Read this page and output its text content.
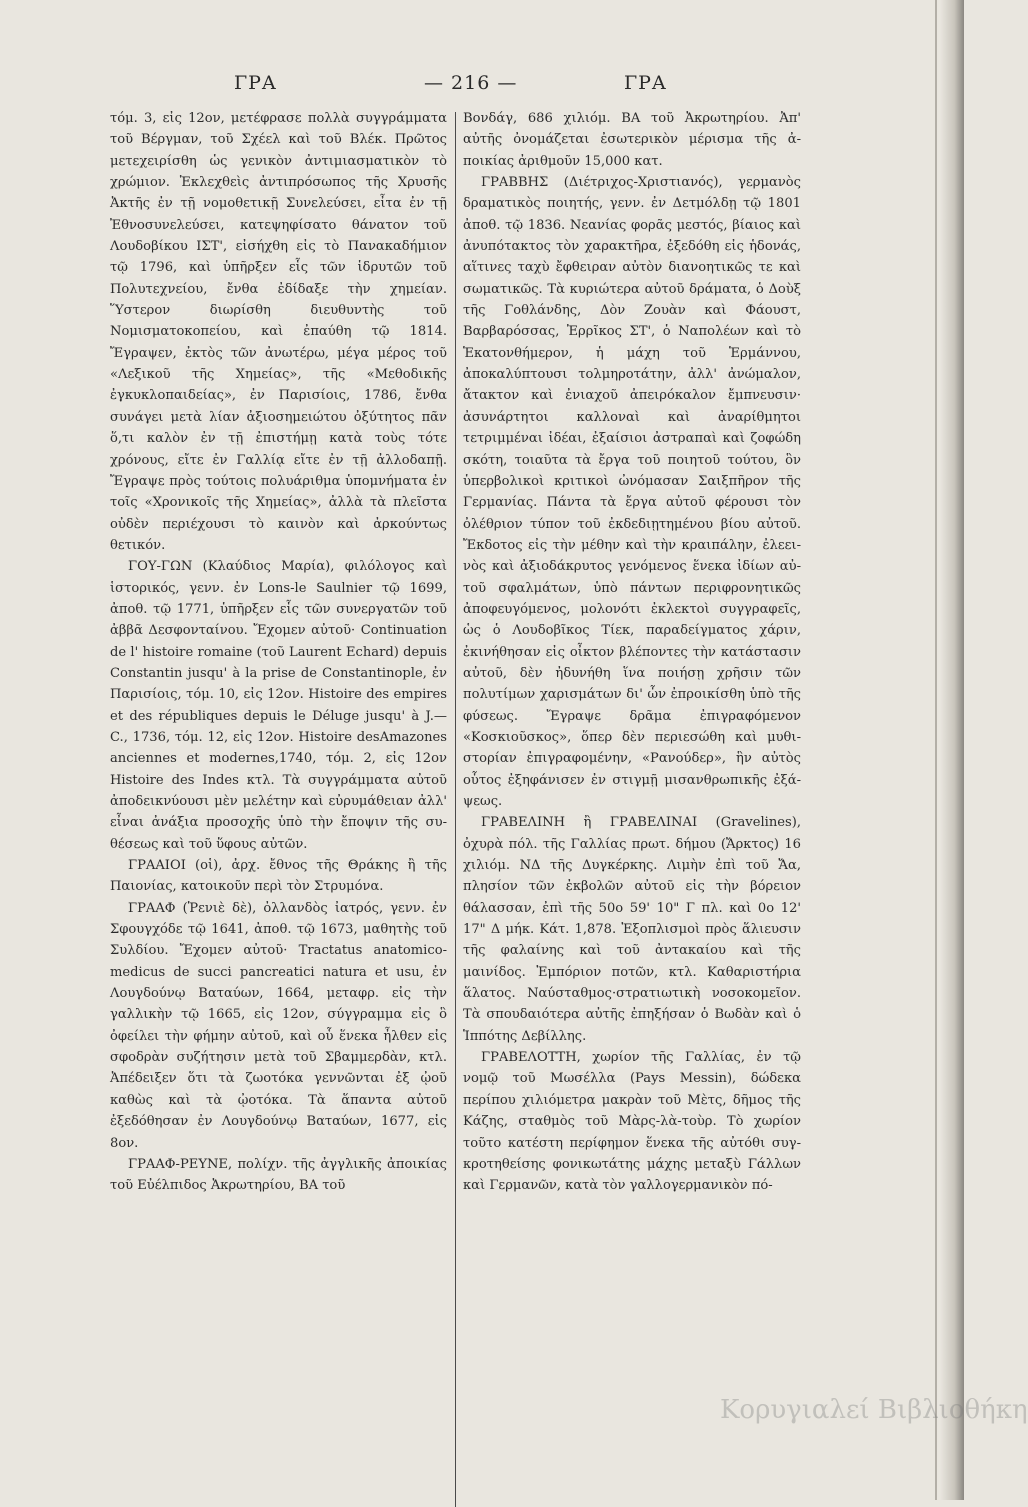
ΓΡΑ	— 216 —	ΓΡΑ

τόμ. 3, εἰς 12ον, μετέφρασε πολλὰ συγγράμματα τοῦ Βέργμαν, τοῦ Σχέελ καὶ τοῦ Βλέκ. Πρῶτος μετεχειρίσθη ὡς γενικὸν ἀντιμιασματικὸν τὸ χρώμιον. Ἐκλεχθεὶς ἀντιπρόσωπος τῆς Χρυσῆς Ἀκτῆς ἐν τῇ νομοθετικῇ Συνελεύσει, εἶτα ἐν τῇ Ἐθνοσυνελεύσει, κατεψηφίσατο θάνατον τοῦ Λουδοβίκου ΙΣΤ', εἰσήχθη εἰς τὸ Πανακαδήμιον τῷ 1796, καὶ ὑπῆρξεν εἷς τῶν ἱδρυτῶν τοῦ Πολυτεχνείου, ἔνθα ἐδίδαξε τὴν χημείαν. Ὕστερον διωρίσθη διευθυντὴς τοῦ Νομισματοκοπείου, καὶ ἐπαύθη τῷ 1814. Ἔγραψεν, ἐκτὸς τῶν ἀνωτέρω, μέγα μέρος τοῦ «Λεξικοῦ τῆς Χημείας», τῆς «Μεθοδικῆς ἐγκυκλοπαιδείας», ἐν Παρισίοις, 1786, ἔνθα συνάγει μετὰ λίαν ἀξιοσημειώτου ὀξύτητος πᾶν ὅ,τι καλὸν ἐν τῇ ἐπιστήμῃ κατὰ τοὺς τότε χρόνους, εἴτε ἐν Γαλλίᾳ εἴτε ἐν τῇ ἀλλοδαπῇ. Ἔγραψε πρὸς τούτοις πολυάριθμα ὑπομνήματα ἐν τοῖς «Χρονικοῖς τῆς Χημείας», ἀλλὰ τὰ πλεῖστα οὐδὲν περιέχουσι τὸ καινὸν καὶ ἀρκούντως θετικόν.

ΓΟΥ-ΓΩΝ (Κλαύδιος Μαρία), φιλόλογος καὶ ἱστορικός, γενν. ἐν Lons-le Saulnier τῷ 1699, ἀποθ. τῷ 1771, ὑπῆρξεν εἷς τῶν συνεργατῶν τοῦ ἀββᾶ Δεσφονταίνου. Ἔχομεν αὐτοῦ· Continuation de l' histoire romaine (τοῦ Laurent Echard) depuis Constantin jusqu' à la prise de Constantinople, ἐν Παρισίοις, τόμ. 10, εἰς 12ον. Histoire des empires et des républiques depuis le Déluge jusqu' à J.—C., 1736, τόμ. 12, εἰς 12ον. Histoire desAmazones anciennes et modernes,1740, τόμ. 2, εἰς 12ον Histoire des Indes κτλ. Τὰ συγγράμματα αὐτοῦ ἀποδεικνύουσι μὲν μελέτην καὶ εὐρυμάθειαν ἀλλ' εἶναι ἀνάξια προσοχῆς ὑπὸ τὴν ἔποψιν τῆς συθέσεως καὶ τοῦ ὕφους αὐτῶν.

ΓΡΑΑΙΟΙ (οἱ), ἀρχ. ἔθνος τῆς Θράκης ἢ τῆς Παιονίας, κατοικοῦν περὶ τὸν Στρυμόνα.

ΓΡΑΑΦ (Ῥενιὲ δὲ), ὀλλανδὸς ἰατρός, γενν. ἐν Σφουγχόδε τῷ 1641, ἀποθ. τῷ 1673, μαθητὴς τοῦ Συλδίου. Ἔχομεν αὐτοῦ· Tractatus anatomico-medicus de succi pancreatici natura et usu, ἐν Λουγδούνῳ Βαταύων, 1664, μεταφρ. εἰς τὴν γαλλικὴν τῷ 1665, εἰς 12ον, σύγγραμμα εἰς ὃ ὀφείλει τὴν φήμην αὐτοῦ, καὶ οὗ ἕνεκα ἦλθεν εἰς σφοδρὰν συζήτησιν μετὰ τοῦ Σβαμμερδὰν, κτλ. Ἀπέδειξεν ὅτι τὰ ζωοτόκα γεννῶνται ἐξ ᾠοῦ καθὼς καὶ τὰ ᾠοτόκα. Τὰ ἅπαντα αὐτοῦ ἐξεδόθησαν ἐν Λουγδούνῳ Βαταύων, 1677, εἰς 8ον.

ΓΡΑΑΦ-ΡΕΥΝΕ, πολίχν. τῆς ἀγγλικῆς ἀποικίας τοῦ Εὐέλπιδος Ἀκρωτηρίου, ΒΑ τοῦ

Βονδάγ, 686 χιλιόμ. ΒΑ τοῦ Ἀκρωτηρίου. Ἀπ' αὐτῆς ὀνομάζεται ἐσωτερικὸν μέρισμα τῆς ἀποικίας ἀριθμοῦν 15,000 κατ.

ΓΡΑΒΒΗΣ (Διέτριχος-Χριστιανός), γερμανὸς δραματικὸς ποιητής, γενν. ἐν Δετμόλδῃ τῷ 1801 ἀποθ. τῷ 1836. Νεανίας φορᾶς μεστός, βίαιος καὶ ἀνυπότακτος τὸν χαρακτῆρα, ἐξεδόθη εἰς ἡδονάς, αἵτινες ταχὺ ἔφθειραν αὐτὸν διανοητικῶς τε καὶ σωματικῶς. Τὰ κυριώτερα αὐτοῦ δράματα, ὁ Δοὺξ τῆς Γοθλάνδης, Δὸν Ζουὰν καὶ Φάουστ, Βαρβαρόσσας, Ἐρρῖκος ΣΤ', ὁ Ναπολέων καὶ τὸ Ἑκατονθήμερον, ἡ μάχη τοῦ Ἑρμάννου, ἀποκαλύπτουσι τολμηροτάτην, ἀλλ' ἀνώμαλον, ἄτακτον καὶ ἐνιαχοῦ ἀπειρόκαλον ἔμπνευσιν· ἀσυνάρτητοι καλλοναὶ καὶ ἀναρίθμητοι τετριμμέναι ἰδέαι, ἐξαίσιοι ἀστραπαὶ καὶ ζοφώδη σκότη, τοιαῦτα τὰ ἔργα τοῦ ποιητοῦ τούτου, ὃν ὑπερβολικοὶ κριτικοὶ ὠνόμασαν Σαιξπῆρον τῆς Γερμανίας. Πάντα τὰ ἔργα αὐτοῦ φέρουσι τὸν ὀλέθριον τύπον τοῦ ἐκδεδιῃτημένου βίου αὐτοῦ. Ἔκδοτος εἰς τὴν μέθην καὶ τὴν κραιπάλην, ἐλεεινὸς καὶ ἀξιοδάκρυτος γενόμενος ἕνεκα ἰδίων αὐτοῦ σφαλμάτων, ὑπὸ πάντων περιφρονητικῶς ἀποφευγόμενος, μολονότι ἐκλεκτοὶ συγγραφεῖς, ὡς ὁ Λουδοβῖκος Τίεκ, παραδείγματος χάριν, ἐκινήθησαν εἰς οἶκτον βλέποντες τὴν κατάστασιν αὐτοῦ, δὲν ἠδυνήθη ἵνα ποιήσῃ χρῆσιν τῶν πολυτίμων χαρισμάτων δι' ὧν ἐπροικίσθη ὑπὸ τῆς φύσεως. Ἔγραψε δρᾶμα ἐπιγραφόμενον «Κοσκιοῦσκος», ὅπερ δὲν περιεσώθη καὶ μυθιστορίαν ἐπιγραφομένην, «Ρανούδερ», ἣν αὐτὸς οὗτος ἐξηφάνισεν ἐν στιγμῇ μισανθρωπικῆς ἐξάψεως.

ΓΡΑΒΕΛΙΝΗ ἢ ΓΡΑΒΕΛΙΝΑΙ (Gravelines), ὀχυρὰ πόλ. τῆς Γαλλίας πρωτ. δήμου (Ἄρκτος) 16 χιλιόμ. ΝΔ τῆς Δυγκέρκης. Λιμὴν ἐπὶ τοῦ Ἄα, πλησίον τῶν ἐκβολῶν αὐτοῦ εἰς τὴν βόρειον θάλασσαν, ἐπὶ τῆς 50ο 59' 10" Γ πλ. καὶ 0ο 12' 17" Δ μήκ. Κάτ. 1,878. Ἐξοπλισμοὶ πρὸς ἅλιευσιν τῆς φαλαίνης καὶ τοῦ ἀντακαίου καὶ τῆς μαινίδος. Ἐμπόριον ποτῶν, κτλ. Καθαριστήρια ἅλατος. Ναύσταθμος·στρατιωτικὴ νοσοκομεῖον. Τὰ σπουδαιότερα αὐτῆς ἐπηξήσαν ὁ Βωδὰν καὶ ὁ Ἱππότης Δεβίλλης.

ΓΡΑΒΕΛΟΤΤΗ, χωρίον τῆς Γαλλίας, ἐν τῷ νομῷ τοῦ Μωσέλλα (Pays Messin), δώδεκα περίπου χιλιόμετρα μακρὰν τοῦ Μὲτς, δῆμος τῆς Κάζης, σταθμὸς τοῦ Μὰρς-λὰ-τοὺρ. Τὸ χωρίον τοῦτο κατέστη περίφημον ἕνεκα τῆς αὐτόθι συγκροτηθείσης φονικωτάτης μάχης μεταξὺ Γάλλων καὶ Γερμανῶν, κατὰ τὸν γαλλογερμανικὸν πό-

Κορυγιαλεί Βιβλιοθήκη
